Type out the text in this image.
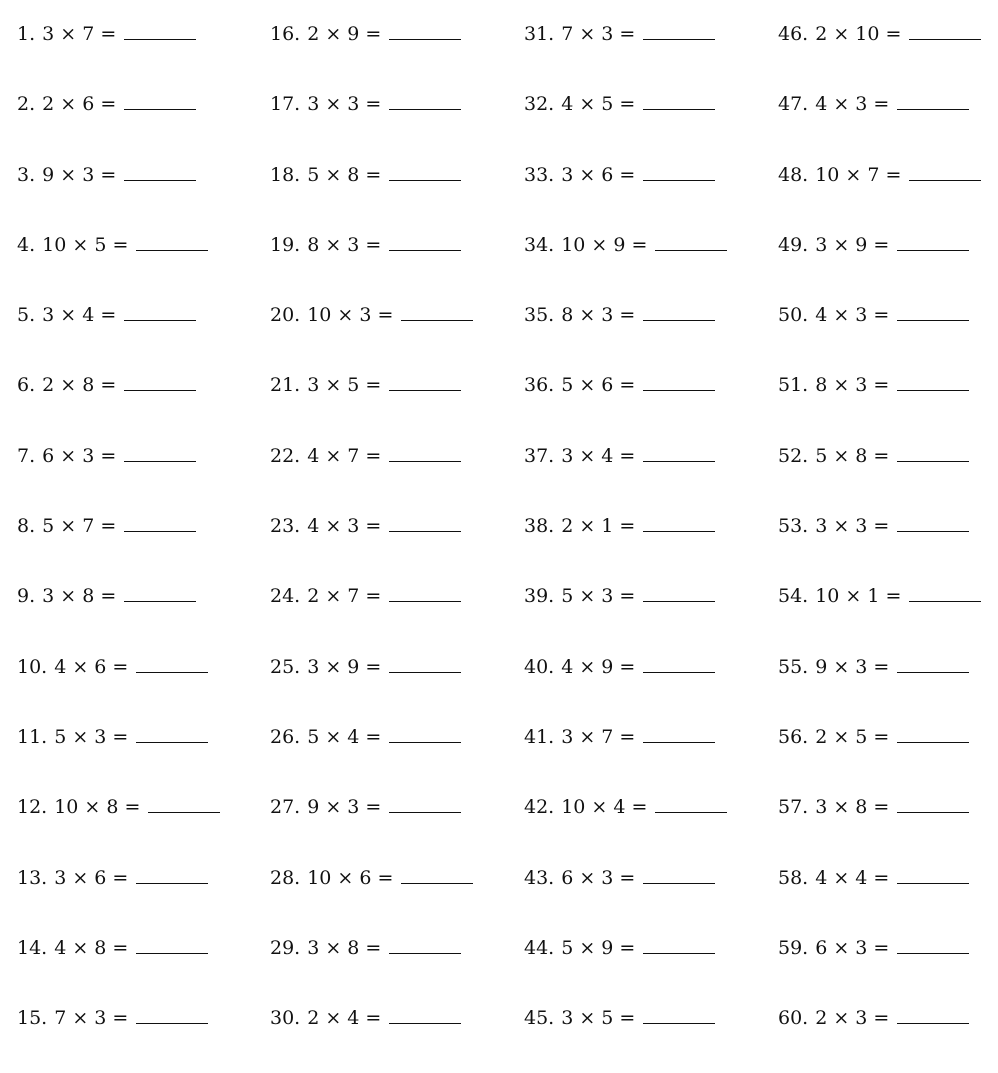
1. 3 × 7 =
2. 2 × 6 =
3. 9 × 3 =
4. 10 × 5 =
5. 3 × 4 =
6. 2 × 8 =
7. 6 × 3 =
8. 5 × 7 =
9. 3 × 8 =
10. 4 × 6 =
11. 5 × 3 =
12. 10 × 8 =
13. 3 × 6 =
14. 4 × 8 =
15. 7 × 3 =
16. 2 × 9 =
17. 3 × 3 =
18. 5 × 8 =
19. 8 × 3 =
20. 10 × 3 =
21. 3 × 5 =
22. 4 × 7 =
23. 4 × 3 =
24. 2 × 7 =
25. 3 × 9 =
26. 5 × 4 =
27. 9 × 3 =
28. 10 × 6 =
29. 3 × 8 =
30. 2 × 4 =
31. 7 × 3 =
32. 4 × 5 =
33. 3 × 6 =
34. 10 × 9 =
35. 8 × 3 =
36. 5 × 6 =
37. 3 × 4 =
38. 2 × 1 =
39. 5 × 3 =
40. 4 × 9 =
41. 3 × 7 =
42. 10 × 4 =
43. 6 × 3 =
44. 5 × 9 =
45. 3 × 5 =
46. 2 × 10 =
47. 4 × 3 =
48. 10 × 7 =
49. 3 × 9 =
50. 4 × 3 =
51. 8 × 3 =
52. 5 × 8 =
53. 3 × 3 =
54. 10 × 1 =
55. 9 × 3 =
56. 2 × 5 =
57. 3 × 8 =
58. 4 × 4 =
59. 6 × 3 =
60. 2 × 3 =
